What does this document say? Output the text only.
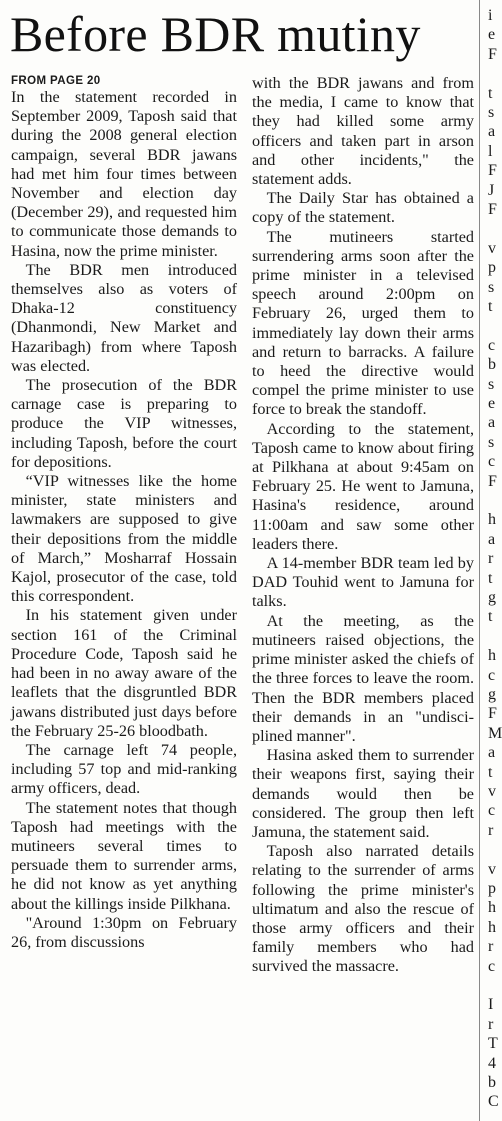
Before BDR mutiny
FROM PAGE 20

In the statement recorded in September 2009, Taposh said that during the 2008 general election campaign, several BDR jawans had met him four times between November and election day (December 29), and requested him to communicate those demands to Hasina, now the prime minister.

The BDR men introduced themselves also as voters of Dhaka-12 constituency (Dhanmondi, New Market and Hazaribagh) from where Taposh was elected.

The prosecution of the BDR carnage case is preparing to produce the VIP witnesses, including Taposh, before the court for depositions.

“VIP witnesses like the home minister, state ministers and lawmakers are supposed to give their depositions from the middle of March,” Mosharraf Hossain Kajol, prosecutor of the case, told this correspondent.

In his statement given under section 161 of the Criminal Procedure Code, Taposh said he had been in no away aware of the leaflets that the disgruntled BDR jawans distributed just days before the February 25-26 bloodbath.

The carnage left 74 people, including 57 top and mid-ranking army officers, dead.

The statement notes that though Taposh had meetings with the mutineers several times to persuade them to surrender arms, he did not know as yet anything about the killings inside Pilkhana.

"Around 1:30pm on February 26, from discussions

with the BDR jawans and from the media, I came to know that they had killed some army officers and taken part in arson and other incidents," the statement adds.

The Daily Star has obtained a copy of the statement.

The mutineers started surrendering arms soon after the prime minister in a televised speech around 2:00pm on February 26, urged them to immediately lay down their arms and return to barracks. A failure to heed the directive would compel the prime minister to use force to break the standoff.

According to the statement, Taposh came to know about firing at Pilkhana at about 9:45am on February 25. He went to Jamuna, Hasina's residence, around 11:00am and saw some other leaders there.

A 14-member BDR team led by DAD Touhid went to Jamuna for talks.

At the meeting, as the mutineers raised objections, the prime minister asked the chiefs of the three forces to leave the room. Then the BDR members placed their demands in an "undisciplined manner".

Hasina asked them to surrender their weapons first, saying their demands would then be considered. The group then left Jamuna, the statement said.

Taposh also narrated details relating to the surrender of arms following the prime minister's ultimatum and also the rescue of those army officers and their family members who had survived the massacre.

i
e
F
t
s
a
l
F
J
F
v
p
s
t
c
b
s
e
a
s
c
F
h
a
r
t
g
t
h
c
g
F
M
a
t
v
c
r
v
p
h
h
r
c
I
r
T
4
b
C
